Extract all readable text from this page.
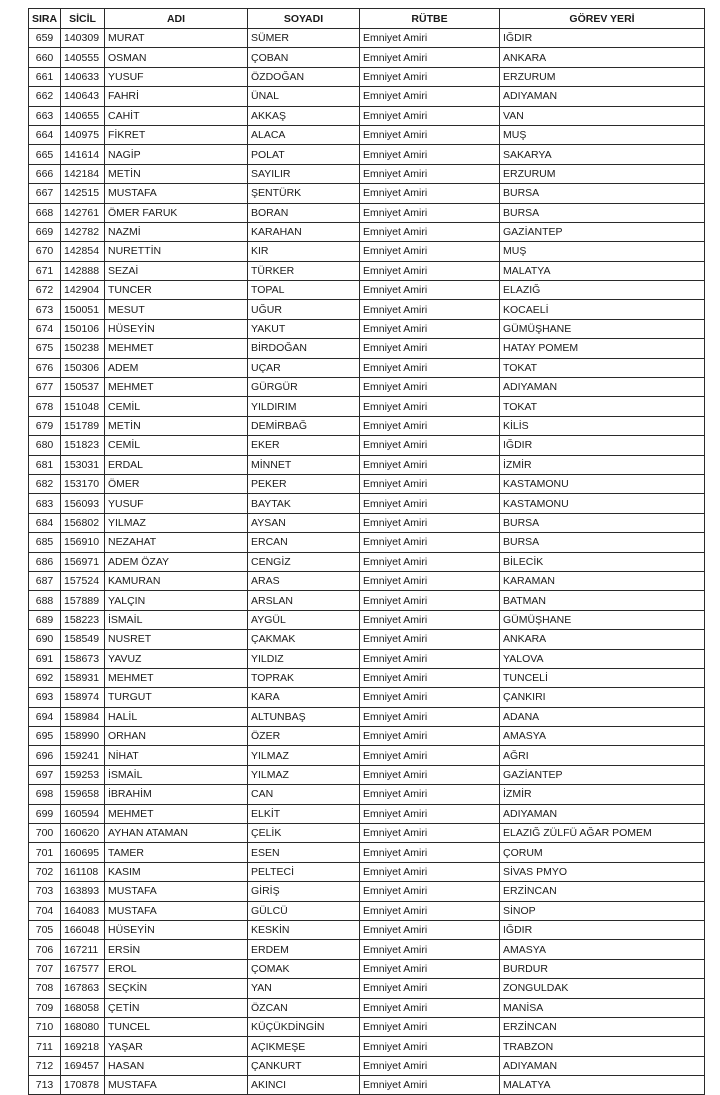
SIRA	SİCİL	ADI	SOYADI	RÜTBE	GÖREV YERİ
659	140309	MURAT	SÜMER	Emniyet Amiri	IĞDIR
660	140555	OSMAN	ÇOBAN	Emniyet Amiri	ANKARA
661	140633	YUSUF	ÖZDOĞAN	Emniyet Amiri	ERZURUM
662	140643	FAHRİ	ÜNAL	Emniyet Amiri	ADIYAMAN
663	140655	CAHİT	AKKAŞ	Emniyet Amiri	VAN
664	140975	FİKRET	ALACA	Emniyet Amiri	MUŞ
665	141614	NAGİP	POLAT	Emniyet Amiri	SAKARYA
666	142184	METİN	SAYILIR	Emniyet Amiri	ERZURUM
667	142515	MUSTAFA	ŞENTÜRK	Emniyet Amiri	BURSA
668	142761	ÖMER FARUK	BORAN	Emniyet Amiri	BURSA
669	142782	NAZMİ	KARAHAN	Emniyet Amiri	GAZİANTEP
670	142854	NURETTİN	KIR	Emniyet Amiri	MUŞ
671	142888	SEZAİ	TÜRKER	Emniyet Amiri	MALATYA
672	142904	TUNCER	TOPAL	Emniyet Amiri	ELAZIĞ
673	150051	MESUT	UĞUR	Emniyet Amiri	KOCAELİ
674	150106	HÜSEYİN	YAKUT	Emniyet Amiri	GÜMÜŞHANE
675	150238	MEHMET	BİRDOĞAN	Emniyet Amiri	HATAY POMEM
676	150306	ADEM	UÇAR	Emniyet Amiri	TOKAT
677	150537	MEHMET	GÜRGÜR	Emniyet Amiri	ADIYAMAN
678	151048	CEMİL	YILDIRIM	Emniyet Amiri	TOKAT
679	151789	METİN	DEMİRBAĞ	Emniyet Amiri	KİLİS
680	151823	CEMİL	EKER	Emniyet Amiri	IĞDIR
681	153031	ERDAL	MİNNET	Emniyet Amiri	İZMİR
682	153170	ÖMER	PEKER	Emniyet Amiri	KASTAMONU
683	156093	YUSUF	BAYTAK	Emniyet Amiri	KASTAMONU
684	156802	YILMAZ	AYSAN	Emniyet Amiri	BURSA
685	156910	NEZAHAT	ERCAN	Emniyet Amiri	BURSA
686	156971	ADEM ÖZAY	CENGİZ	Emniyet Amiri	BİLECİK
687	157524	KAMURAN	ARAS	Emniyet Amiri	KARAMAN
688	157889	YALÇIN	ARSLAN	Emniyet Amiri	BATMAN
689	158223	İSMAİL	AYGÜL	Emniyet Amiri	GÜMÜŞHANE
690	158549	NUSRET	ÇAKMAK	Emniyet Amiri	ANKARA
691	158673	YAVUZ	YILDIZ	Emniyet Amiri	YALOVA
692	158931	MEHMET	TOPRAK	Emniyet Amiri	TUNCELİ
693	158974	TURGUT	KARA	Emniyet Amiri	ÇANKIRI
694	158984	HALİL	ALTUNBAŞ	Emniyet Amiri	ADANA
695	158990	ORHAN	ÖZER	Emniyet Amiri	AMASYA
696	159241	NİHAT	YILMAZ	Emniyet Amiri	AĞRI
697	159253	İSMAİL	YILMAZ	Emniyet Amiri	GAZİANTEP
698	159658	İBRAHİM	CAN	Emniyet Amiri	İZMİR
699	160594	MEHMET	ELKİT	Emniyet Amiri	ADIYAMAN
700	160620	AYHAN ATAMAN	ÇELİK	Emniyet Amiri	ELAZIĞ ZÜLFÜ AĞAR POMEM
701	160695	TAMER	ESEN	Emniyet Amiri	ÇORUM
702	161108	KASIM	PELTECİ	Emniyet Amiri	SİVAS PMYO
703	163893	MUSTAFA	GİRİŞ	Emniyet Amiri	ERZİNCAN
704	164083	MUSTAFA	GÜLCÜ	Emniyet Amiri	SİNOP
705	166048	HÜSEYİN	KESKİN	Emniyet Amiri	IĞDIR
706	167211	ERSİN	ERDEM	Emniyet Amiri	AMASYA
707	167577	EROL	ÇOMAK	Emniyet Amiri	BURDUR
708	167863	SEÇKİN	YAN	Emniyet Amiri	ZONGULDAK
709	168058	ÇETİN	ÖZCAN	Emniyet Amiri	MANİSA
710	168080	TUNCEL	KÜÇÜKDİNGİN	Emniyet Amiri	ERZİNCAN
711	169218	YAŞAR	AÇIKMEŞE	Emniyet Amiri	TRABZON
712	169457	HASAN	ÇANKURT	Emniyet Amiri	ADIYAMAN
713	170878	MUSTAFA	AKINCI	Emniyet Amiri	MALATYA
